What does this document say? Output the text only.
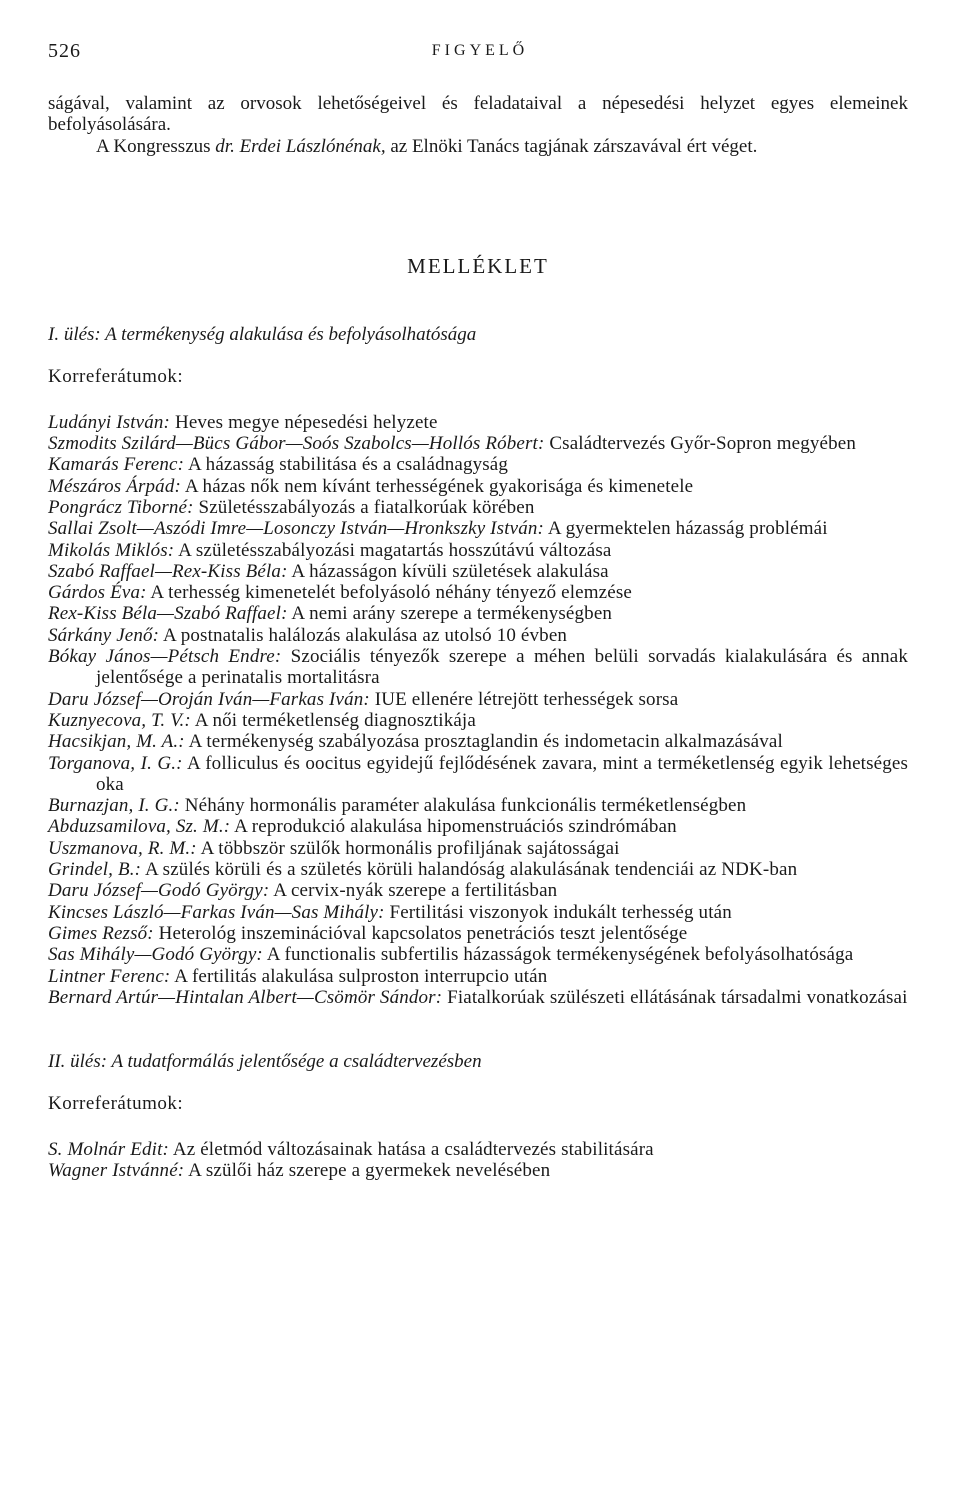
526	FIGYELŐ

ságával, valamint az orvosok lehetőségeivel és feladataival a népesedési helyzet egyes elemeinek befolyásolására.

A Kongresszus dr. Erdei Lászlónénak, az Elnöki Tanács tagjának zárszavával ért véget.

MELLÉKLET
I. ülés: A termékenység alakulása és befolyásolhatósága
Korreferátumok:

Ludányi István: Heves megye népesedési helyzete

Szmodits Szilárd—Bücs Gábor—Soós Szabolcs—Hollós Róbert: Családtervezés Győr-Sopron megyében

Kamarás Ferenc: A házasság stabilitása és a családnagyság

Mészáros Árpád: A házas nők nem kívánt terhességének gyakorisága és kimenetele

Pongrácz Tiborné: Születésszabályozás a fiatalkorúak körében

Sallai Zsolt—Aszódi Imre—Losonczy István—Hronkszky István: A gyermektelen házasság problémái

Mikolás Miklós: A születésszabályozási magatartás hosszútávú változása

Szabó Raffael—Rex-Kiss Béla: A házasságon kívüli születések alakulása

Gárdos Éva: A terhesség kimenetelét befolyásoló néhány tényező elemzése

Rex-Kiss Béla—Szabó Raffael: A nemi arány szerepe a termékenységben

Sárkány Jenő: A postnatalis halálozás alakulása az utolsó 10 évben

Bókay János—Pétsch Endre: Szociális tényezők szerepe a méhen belüli sorvadás kialakulására és annak jelentősége a perinatalis mortalitásra

Daru József—Oroján Iván—Farkas Iván: IUE ellenére létrejött terhességek sorsa

Kuznyecova, T. V.: A női terméketlenség diagnosztikája

Hacsikjan, M. A.: A termékenység szabályozása prosztaglandin és indometacin alkalmazásával

Torganova, I. G.: A folliculus és oocitus egyidejű fejlődésének zavara, mint a terméketlenség egyik lehetséges oka

Burnazjan, I. G.: Néhány hormonális paraméter alakulása funkcionális terméketlenségben

Abduzsamilova, Sz. M.: A reprodukció alakulása hipomenstruációs szindrómában

Uszmanova, R. M.: A többször szülők hormonális profiljának sajátosságai

Grindel, B.: A szülés körüli és a születés körüli halandóság alakulásának tendenciái az NDK-ban

Daru József—Godó György: A cervix-nyák szerepe a fertilitásban

Kincses László—Farkas Iván—Sas Mihály: Fertilitási viszonyok indukált terhesség után

Gimes Rezső: Heterológ inszeminációval kapcsolatos penetrációs teszt jelentősége

Sas Mihály—Godó György: A functionalis subfertilis házasságok termékenységének befolyásolhatósága

Lintner Ferenc: A fertilitás alakulása sulproston interrupcio után

Bernard Artúr—Hintalan Albert—Csömör Sándor: Fiatalkorúak szülészeti ellátásának társadalmi vonatkozásai

II. ülés: A tudatformálás jelentősége a családtervezésben
Korreferátumok:

S. Molnár Edit: Az életmód változásainak hatása a családtervezés stabilitására

Wagner Istvánné: A szülői ház szerepe a gyermekek nevelésében
